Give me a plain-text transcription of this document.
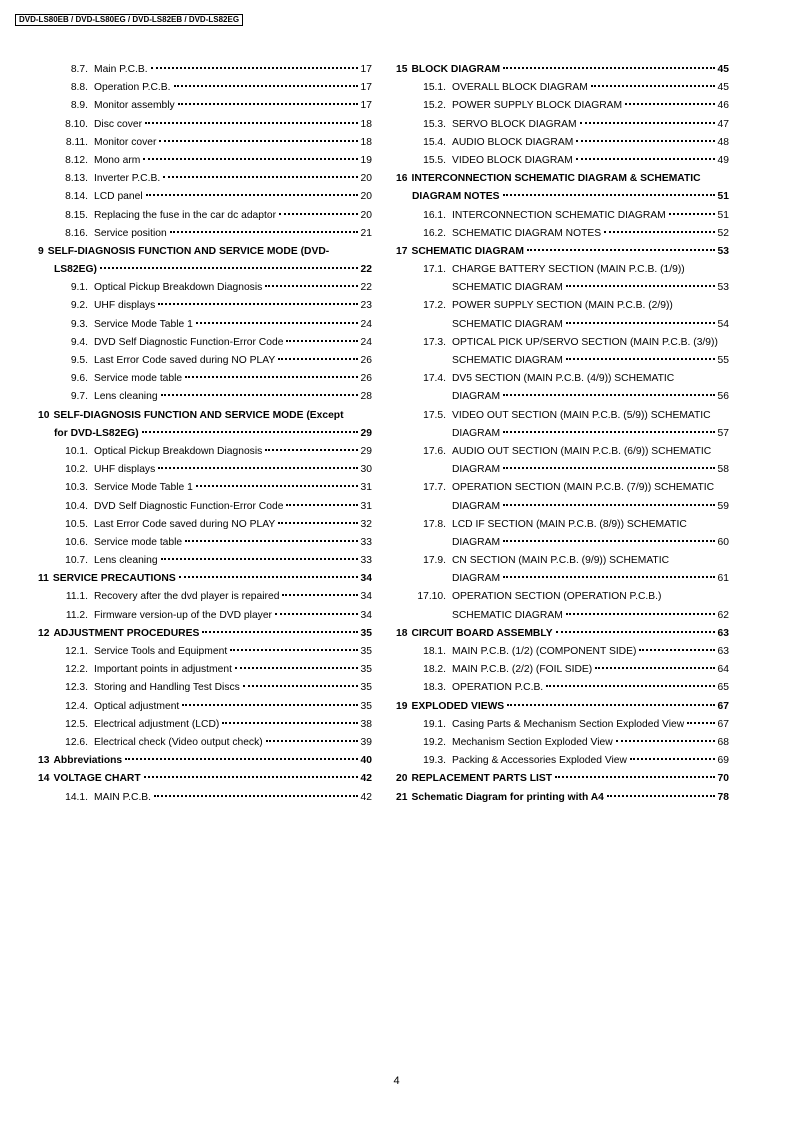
DVD-LS80EB / DVD-LS80EG / DVD-LS82EB / DVD-LS82EG
8.7. Main P.C.B.	17
8.8. Operation P.C.B.	17
8.9. Monitor assembly	17
8.10. Disc cover	18
8.11. Monitor cover	18
8.12. Mono arm	19
8.13. Inverter P.C.B.	20
8.14. LCD panel	20
8.15. Replacing the fuse in the car dc adaptor	20
8.16. Service position	21
9 SELF-DIAGNOSIS FUNCTION AND SERVICE MODE (DVD-
LS82EG)	22
9.1. Optical Pickup Breakdown Diagnosis	22
9.2. UHF displays	23
9.3. Service Mode Table 1	24
9.4. DVD Self Diagnostic Function-Error Code	24
9.5. Last Error Code saved during NO PLAY	26
9.6. Service mode table	26
9.7. Lens cleaning	28
10 SELF-DIAGNOSIS FUNCTION AND SERVICE MODE (Except
for DVD-LS82EG)	29
10.1. Optical Pickup Breakdown Diagnosis	29
10.2. UHF displays	30
10.3. Service Mode Table 1	31
10.4. DVD Self Diagnostic Function-Error Code	31
10.5. Last Error Code saved during NO PLAY	32
10.6. Service mode table	33
10.7. Lens cleaning	33
11 SERVICE PRECAUTIONS	34
11.1. Recovery after the dvd player is repaired	34
11.2. Firmware version-up of the DVD player	34
12 ADJUSTMENT PROCEDURES	35
12.1. Service Tools and Equipment	35
12.2. Important points in adjustment	35
12.3. Storing and Handling Test Discs	35
12.4. Optical adjustment	35
12.5. Electrical adjustment (LCD)	38
12.6. Electrical check (Video output check)	39
13 Abbreviations	40
14 VOLTAGE CHART	42
14.1. MAIN P.C.B.	42
15 BLOCK DIAGRAM	45
15.1. OVERALL BLOCK DIAGRAM	45
15.2. POWER SUPPLY BLOCK DIAGRAM	46
15.3. SERVO BLOCK DIAGRAM	47
15.4. AUDIO BLOCK DIAGRAM	48
15.5. VIDEO BLOCK DIAGRAM	49
16 INTERCONNECTION SCHEMATIC DIAGRAM & SCHEMATIC
DIAGRAM NOTES	51
16.1. INTERCONNECTION SCHEMATIC DIAGRAM	51
16.2. SCHEMATIC DIAGRAM NOTES	52
17 SCHEMATIC DIAGRAM	53
17.1. CHARGE BATTERY SECTION (MAIN P.C.B. (1/9))
SCHEMATIC DIAGRAM	53
17.2. POWER SUPPLY SECTION (MAIN P.C.B. (2/9))
SCHEMATIC DIAGRAM	54
17.3. OPTICAL PICK UP/SERVO SECTION (MAIN P.C.B. (3/9))
SCHEMATIC DIAGRAM	55
17.4. DV5 SECTION (MAIN P.C.B. (4/9)) SCHEMATIC
DIAGRAM	56
17.5. VIDEO OUT SECTION (MAIN P.C.B. (5/9)) SCHEMATIC
DIAGRAM	57
17.6. AUDIO OUT SECTION (MAIN P.C.B. (6/9)) SCHEMATIC
DIAGRAM	58
17.7. OPERATION SECTION (MAIN P.C.B. (7/9)) SCHEMATIC
DIAGRAM	59
17.8. LCD IF SECTION (MAIN P.C.B. (8/9)) SCHEMATIC
DIAGRAM	60
17.9. CN SECTION (MAIN P.C.B. (9/9)) SCHEMATIC
DIAGRAM	61
17.10. OPERATION SECTION (OPERATION P.C.B.)
SCHEMATIC DIAGRAM	62
18 CIRCUIT BOARD ASSEMBLY	63
18.1. MAIN P.C.B. (1/2) (COMPONENT SIDE)	63
18.2. MAIN P.C.B. (2/2) (FOIL SIDE)	64
18.3. OPERATION P.C.B.	65
19 EXPLODED VIEWS	67
19.1. Casing Parts & Mechanism Section Exploded View	67
19.2. Mechanism Section Exploded View	68
19.3. Packing & Accessories Exploded View	69
20 REPLACEMENT PARTS LIST	70
21 Schematic Diagram for printing with A4	78
4
